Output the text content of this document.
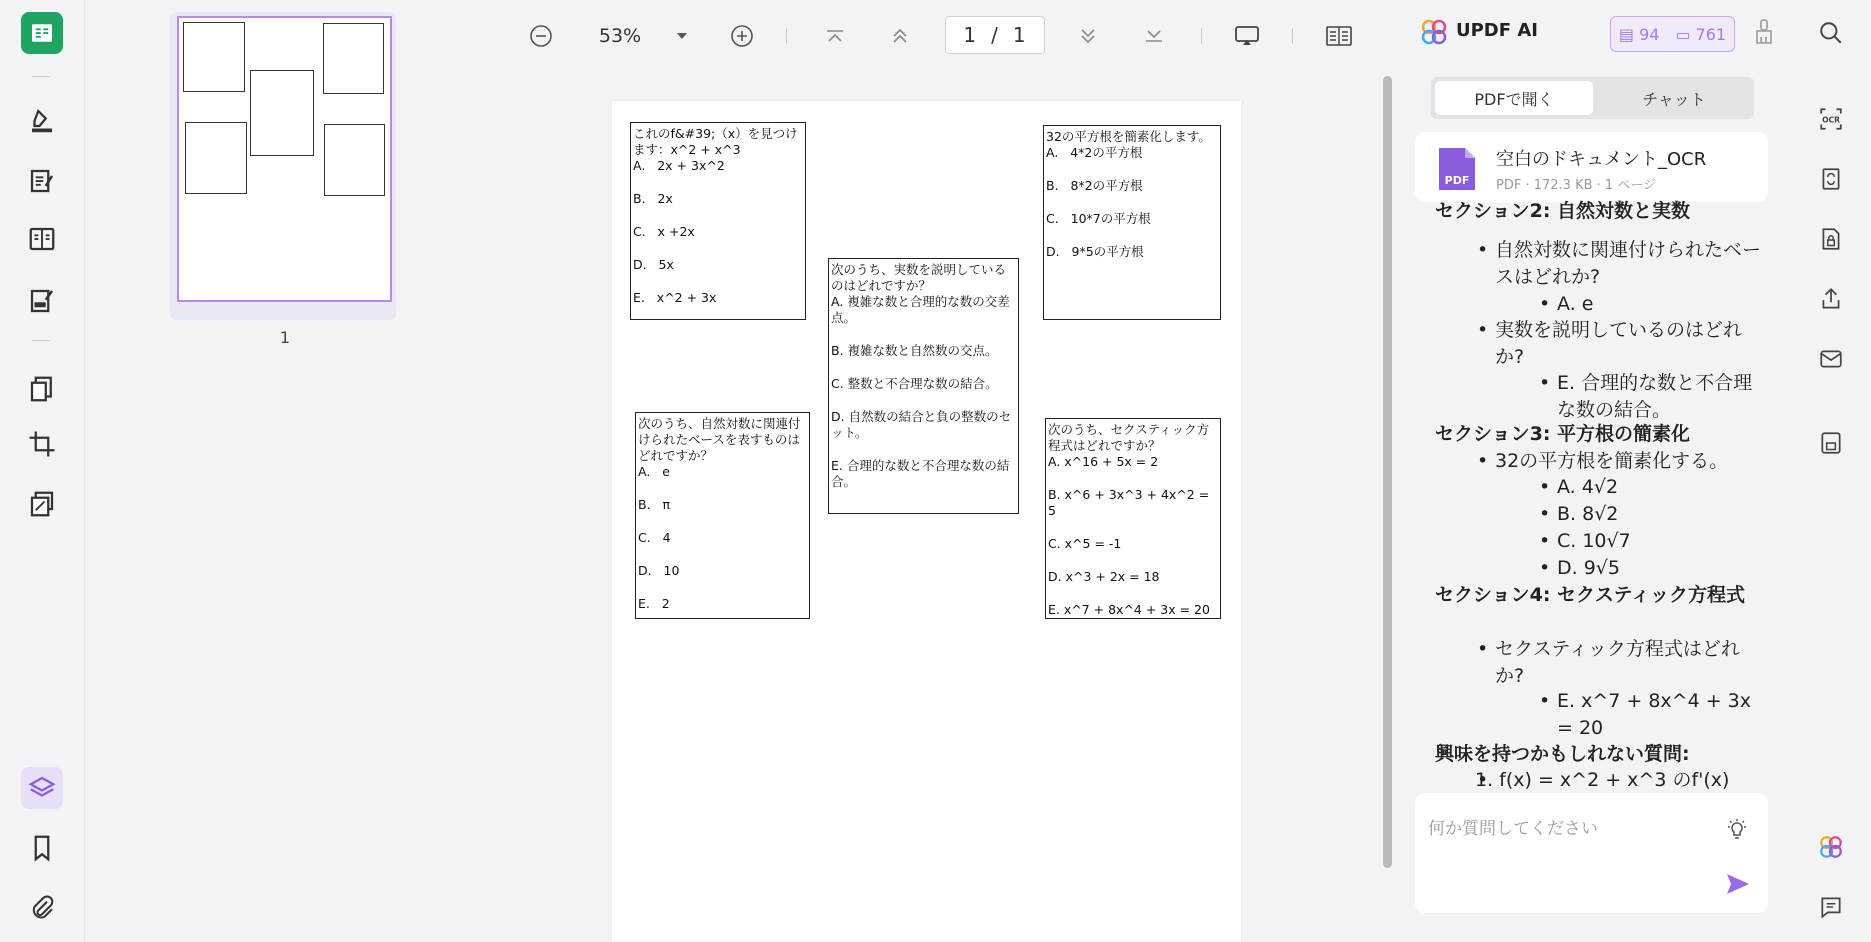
1
53%	1 / 1
これのf&#39;（x）を見つけます：x^2 + x^3
A.   2x + 3x^2
B.   2x
C.   x +2x
D.   5x
E.   x^2 + 3x
次のうち、実数を説明しているのはどれですか？
A. 複雑な数と合理的な数の交差点。
B. 複雑な数と自然数の交点。
C. 整数と不合理な数の結合。
D. 自然数の結合と負の整数のセット。
E. 合理的な数と不合理な数の結合。
32の平方根を簡素化します。
A.   4*2の平方根
B.   8*2の平方根
C.   10*7の平方根
D.   9*5の平方根
次のうち、自然対数に関連付けられたベースを表すものはどれですか？
A.   e
B.   π
C.   4
D.   10
E.   2
次のうち、セクスティック方程式はどれですか？
A. x^16 + 5x = 2
B. x^6 + 3x^3 + 4x^2 = 5
C. x^5 = -1
D. x^3 + 2x = 18
E. x^7 + 8x^4 + 3x = 20
UPDF AI	▤ 94 ▭ 761
PDFで聞く	チャット
PDF
空白のドキュメント_OCR
PDF · 172.3 KB · 1 ページ
セクション2: 自然対数と実数
• 自然対数に関連付けられたベースはどれか?
• A. e
• 実数を説明しているのはどれか?
• E. 合理的な数と不合理な数の結合。
セクション3: 平方根の簡素化
• 32の平方根を簡素化する。
• A. 4√2
• B. 8√2
• C. 10√7
• D. 9√5
セクション4: セクスティック方程式
• セクスティック方程式はどれか?
• E. x^7 + 8x^4 + 3x = 20
興味を持つかもしれない質問:
• 1. f(x) = x^2 + x^3 のf'(x)
何か質問してください
OCR
